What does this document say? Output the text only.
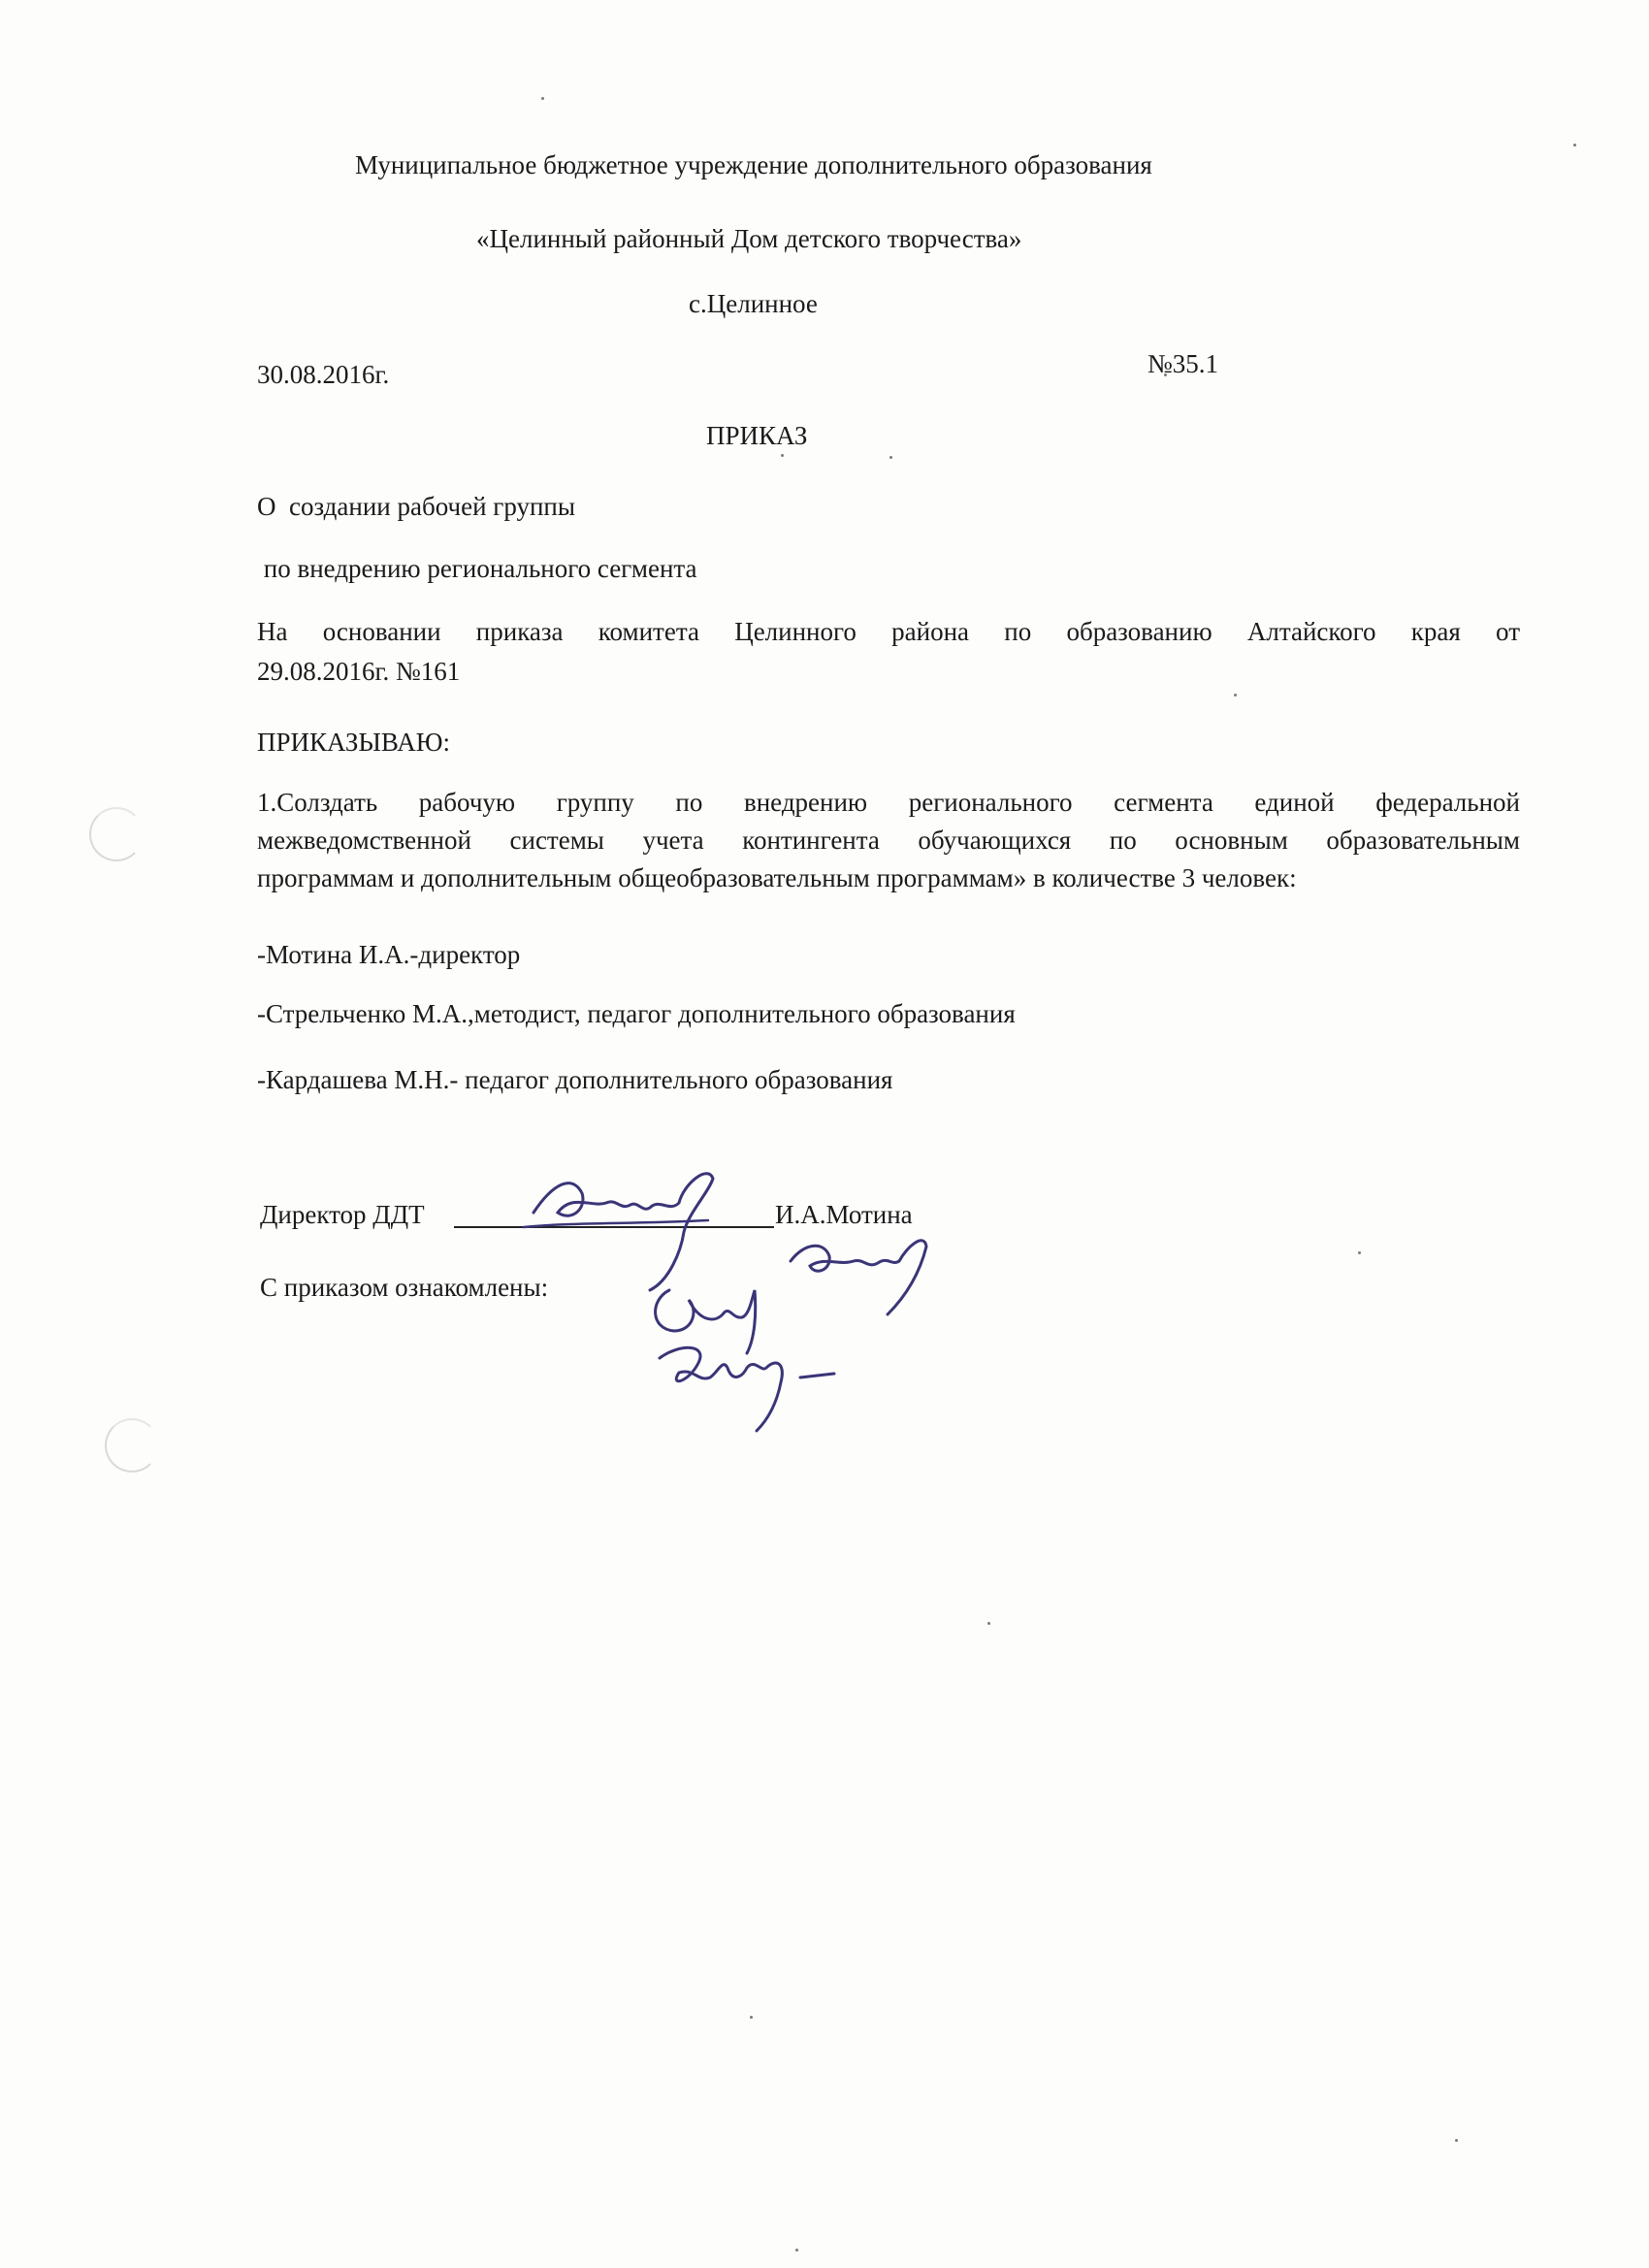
Муниципальное бюджетное учреждение дополнительного образования
«Целинный районный Дом детского творчества»
с.Целинное
30.08.2016г.	№35.1
ПРИКАЗ
О  создании рабочей группы
по внедрению регионального сегмента
На основании приказа комитета Целинного района по образованию Алтайского края от
29.08.2016г. №161
ПРИКАЗЫВАЮ:
1.Солздать рабочую группу по внедрению регионального сегмента единой федеральной
межведомственной системы учета контингента обучающихся по основным образовательным
программам и дополнительным общеобразовательным программам» в количестве 3 человек:
-Мотина И.А.-директор
-Стрельченко М.А.,методист, педагог дополнительного образования
-Кардашева М.Н.- педагог дополнительного образования
Директор ДДТ	И.А.Мотина
С приказом ознакомлены:
